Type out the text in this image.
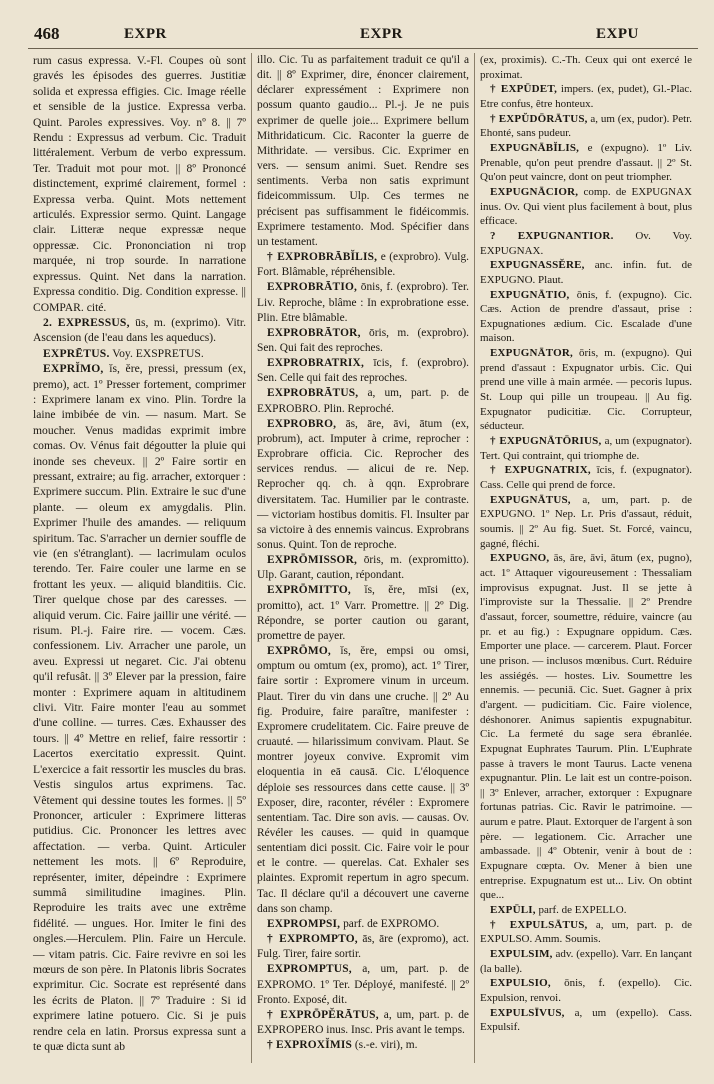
468	EXPR	EXPR	EXPU

rum casus expressa. V.-Fl. Coupes où sont gravés les épisodes des guerres. Justitiæ solida et expressa effigies. Cic. Image réelle et sensible de la justice. Expressa verba. Quint. Paroles expressives. Voy. nº 8. || 7º Rendu : Expressus ad verbum. Cic. Traduit littéralement. Verbum de verbo expressum. Ter. Traduit mot pour mot. || 8º Prononcé distinctement, exprimé clairement, formel : Expressa verba. Quint. Mots nettement articulés. Expressior sermo. Quint. Langage clair. Litteræ neque expressæ neque oppressæ. Cic. Prononciation ni trop marquée, ni trop sourde. In narratione expressus. Quint. Net dans la narration. Expressa conditio. Dig. Condition expresse. || COMPAR. cité.

2. EXPRESSUS, ūs, m. (exprimo). Vitr. Ascension (de l'eau dans les aqueducs).

EXPRĒTUS. Voy. EXSPRETUS.

EXPRĬMO, ĭs, ĕre, pressi, pressum (ex, premo), act. 1º Presser fortement, comprimer : Exprimere lanam ex vino. Plin. Tordre la laine imbibée de vin. — nasum. Mart. Se moucher. Venus madidas exprimit imbre comas. Ov. Vénus fait dégoutter la pluie qui inonde ses cheveux. || 2º Faire sortir en pressant, extraire; au fig. arracher, extorquer : Exprimere succum. Plin. Extraire le suc d'une plante. — oleum ex amygdalis. Plin. Exprimer l'huile des amandes. — reliquum spiritum. Tac. S'arracher un dernier souffle de vie (en s'étranglant). — lacrimulam oculos terendo. Ter. Faire couler une larme en se frottant les yeux. — aliquid blanditiis. Cic. Tirer quelque chose par des caresses. — aliquid verum. Cic. Faire jaillir une vérité. — risum. Pl.-j. Faire rire. — vocem. Cæs. confessionem. Liv. Arracher une parole, un aveu. Expressi ut negaret. Cic. J'ai obtenu qu'il refusât. || 3º Elever par la pression, faire monter : Exprimere aquam in altitudinem clivi. Vitr. Faire monter l'eau au sommet d'une colline. — turres. Cæs. Exhausser des tours. || 4º Mettre en relief, faire ressortir : Lacertos exercitatio expressit. Quint. L'exercice a fait ressortir les muscles du bras. Vestis singulos artus exprimens. Tac. Vêtement qui dessine toutes les formes. || 5º Prononcer, articuler : Exprimere litteras putidius. Cic. Prononcer les lettres avec affectation. — verba. Quint. Articuler nettement les mots. || 6º Reproduire, représenter, imiter, dépeindre : Exprimere summâ similitudine imagines. Plin. Reproduire les traits avec une extrême fidélité. — ungues. Hor. Imiter le fini des ongles.—Herculem. Plin. Faire un Hercule. — vitam patris. Cic. Faire revivre en soi les mœurs de son père. In Platonis libris Socrates exprimitur. Cic. Socrate est représenté dans les écrits de Platon. || 7º Traduire : Si id exprimere latine potuero. Cic. Si je puis rendre cela en latin. Prorsus expressa sunt a te quæ dicta sunt ab

illo. Cic. Tu as parfaitement traduit ce qu'il a dit. || 8º Exprimer, dire, énoncer clairement, déclarer expressément : Exprimere non possum quanto gaudio... Pl.-j. Je ne puis exprimer de quelle joie... Exprimere bellum Mithridaticum. Cic. Raconter la guerre de Mithridate. — versibus. Cic. Exprimer en vers. — sensum animi. Suet. Rendre ses sentiments. Verba non satis exprimunt fideicommissum. Ulp. Ces termes ne précisent pas suffisamment le fidéicommis. Exprimere testamento. Mod. Spécifier dans un testament.

† EXPROBRĀBĬLIS, e (exprobro). Vulg. Fort. Blâmable, répréhensible.

EXPROBRĀTIO, ōnis, f. (exprobro). Ter. Liv. Reproche, blâme : In exprobratione esse. Plin. Etre blâmable.

EXPROBRĀTOR, ōris, m. (exprobro). Sen. Qui fait des reproches.

EXPROBRATRIX, īcis, f. (exprobro). Sen. Celle qui fait des reproches.

EXPROBRĀTUS, a, um, part. p. de EXPROBRO. Plin. Reproché.

EXPROBRO, ās, āre, āvi, ātum (ex, probrum), act. Imputer à crime, reprocher : Exprobrare officia. Cic. Reprocher des services rendus. — alicui de re. Nep. Reprocher qq. ch. à qqn. Exprobrare diversitatem. Tac. Humilier par le contraste. — victoriam hostibus domitis. Fl. Insulter par sa victoire à des ennemis vaincus. Exprobrans sonus. Quint. Ton de reproche.

EXPRŌMISSOR, ōris, m. (expromitto). Ulp. Garant, caution, répondant.

EXPRŌMITTO, ĭs, ĕre, mīsi (ex, promitto), act. 1º Varr. Promettre. || 2º Dig. Répondre, se porter caution ou garant, promettre de payer.

EXPRŌMO, ĭs, ĕre, empsi ou omsi, omptum ou omtum (ex, promo), act. 1º Tirer, faire sortir : Expromere vinum in urceum. Plaut. Tirer du vin dans une cruche. || 2º Au fig. Produire, faire paraître, manifester : Expromere crudelitatem. Cic. Faire preuve de cruauté. — hilarissimum convivam. Plaut. Se montrer joyeux convive. Expromit vim eloquentia in eā causā. Cic. L'éloquence déploie ses ressources dans cette cause. || 3º Exposer, dire, raconter, révéler : Expromere sententiam. Tac. Dire son avis. — causas. Ov. Révéler les causes. — quid in quamque sententiam dici possit. Cic. Faire voir le pour et le contre. — querelas. Cat. Exhaler ses plaintes. Expromit repertum in agro specum. Tac. Il déclare qu'il a découvert une caverne dans son champ.

EXPROMPSI, parf. de EXPROMO.

† EXPROMPTO, ās, āre (expromo), act. Fulg. Tirer, faire sortir.

EXPROMPTUS, a, um, part. p. de EXPROMO. 1º Ter. Déployé, manifesté. || 2º Fronto. Exposé, dit.

† EXPRŌPĔRĀTUS, a, um, part. p. de EXPROPERO inus. Insc. Pris avant le temps.

† EXPROXĬMIS (s.-e. viri), m.

(ex, proximis). C.-Th. Ceux qui ont exercé le proximat.

† EXPŪDET, impers. (ex, pudet), Gl.-Plac. Etre confus, être honteux.

† EXPŬDŌRĀTUS, a, um (ex, pudor). Petr. Ehonté, sans pudeur.

EXPUGNĀBĬLIS, e (expugno). 1º Liv. Prenable, qu'on peut prendre d'assaut. || 2º St. Qu'on peut vaincre, dont on peut triompher.

EXPUGNĀCIOR, comp. de EXPUGNAX inus. Ov. Qui vient plus facilement à bout, plus efficace.

? EXPUGNANTIOR. Ov. Voy. EXPUGNAX.

EXPUGNASSĔRE, anc. infin. fut. de EXPUGNO. Plaut.

EXPUGNĀTIO, ōnis, f. (expugno). Cic. Cæs. Action de prendre d'assaut, prise : Expugnationes ædium. Cic. Escalade d'une maison.

EXPUGNĀTOR, ōris, m. (expugno). Qui prend d'assaut : Expugnator urbis. Cic. Qui prend une ville à main armée. — pecoris lupus. St. Loup qui pille un troupeau. || Au fig. Expugnator pudicitiæ. Cic. Corrupteur, séducteur.

† EXPUGNĀTŌRIUS, a, um (expugnator). Tert. Qui contraint, qui triomphe de.

† EXPUGNATRIX, īcis, f. (expugnator). Cass. Celle qui prend de force.

EXPUGNĀTUS, a, um, part. p. de EXPUGNO. 1º Nep. Lr. Pris d'assaut, réduit, soumis. || 2º Au fig. Suet. St. Forcé, vaincu, gagné, fléchi.

EXPUGNO, ās, āre, āvi, ātum (ex, pugno), act. 1º Attaquer vigoureusement : Thessaliam improvisus expugnat. Just. Il se jette à l'improviste sur la Thessalie. || 2º Prendre d'assaut, forcer, soumettre, réduire, vaincre (au pr. et au fig.) : Expugnare oppidum. Cæs. Emporter une place. — carcerem. Plaut. Forcer une prison. — inclusos mœnibus. Curt. Réduire les assiégés. — hostes. Liv. Soumettre les ennemis. — pecuniā. Cic. Suet. Gagner à prix d'argent. — pudicitiam. Cic. Faire violence, déshonorer. Animus sapientis expugnabitur. Cic. La fermeté du sage sera ébranlée. Expugnat Euphrates Taurum. Plin. L'Euphrate passe à travers le mont Taurus. Lacte venena expugnantur. Plin. Le lait est un contre-poison. || 3º Enlever, arracher, extorquer : Expugnare fortunas patrias. Cic. Ravir le patrimoine. — aurum e patre. Plaut. Extorquer de l'argent à son père. — legationem. Cic. Arracher une ambassade. || 4º Obtenir, venir à bout de : Expugnare cœpta. Ov. Mener à bien une entreprise. Expugnatum est ut... Liv. On obtint que...

EXPŪLI, parf. de EXPELLO.

† EXPULSĀTUS, a, um, part. p. de EXPULSO. Amm. Soumis.

EXPULSIM, adv. (expello). Varr. En lançant (la balle).

EXPULSIO, ōnis, f. (expello). Cic. Expulsion, renvoi.

EXPULSĪVUS, a, um (expello). Cass. Expulsif.
